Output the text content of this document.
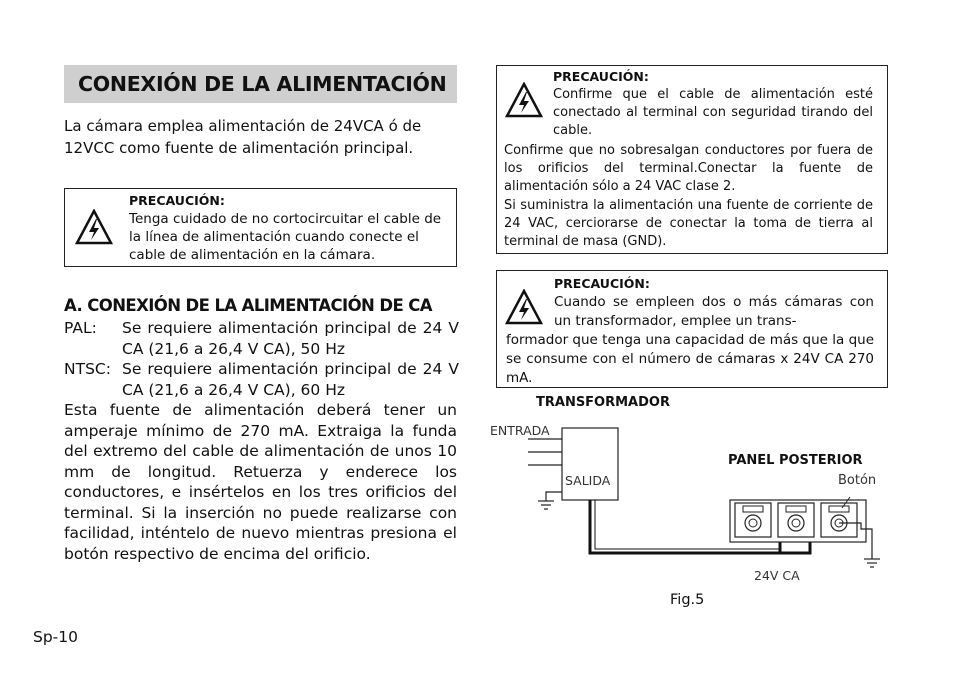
CONEXIÓN DE LA ALIMENTACIÓN
La cámara emplea alimentación de 24VCA ó de 12VCC como fuente de alimentación principal.
PRECAUCIÓN:
Tenga cuidado de no cortocircuitar el cable de la línea de alimentación cuando conecte el cable de alimentación en la cámara.
A. CONEXIÓN DE LA ALIMENTACIÓN DE CA
PAL: Se requiere alimentación principal de 24 V CA (21,6 a 26,4 V CA), 50 Hz
NTSC: Se requiere alimentación principal de 24 V CA (21,6 a 26,4 V CA), 60 Hz
Esta fuente de alimentación deberá tener un amperaje mínimo de 270 mA. Extraiga la funda del extremo del cable de alimentación de unos 10 mm de longitud. Retuerza y enderece los conductores, e insértelos en los tres orificios del terminal. Si la inserción no puede realizarse con facilidad, inténtelo de nuevo mientras presiona el botón respectivo de encima del orificio.
Sp-10
PRECAUCIÓN:
Confirme que el cable de alimentación esté conectado al terminal con seguridad tirando del cable.
Confirme que no sobresalgan conductores por fuera de los orificios del terminal.Conectar la fuente de alimentación sólo a 24 VAC clase 2.
Si suministra la alimentación una fuente de corriente de 24 VAC, cerciorarse de conectar la toma de tierra al terminal de masa (GND).
PRECAUCIÓN:
Cuando se empleen dos o más cámaras con un transformador, emplee un trans-
formador que tenga una capacidad de más que la que se consume con el número de cámaras x 24V CA 270 mA.
TRANSFORMADOR
ENTRADA
SALIDA
PANEL POSTERIOR
Botón
24V CA
Fig.5
